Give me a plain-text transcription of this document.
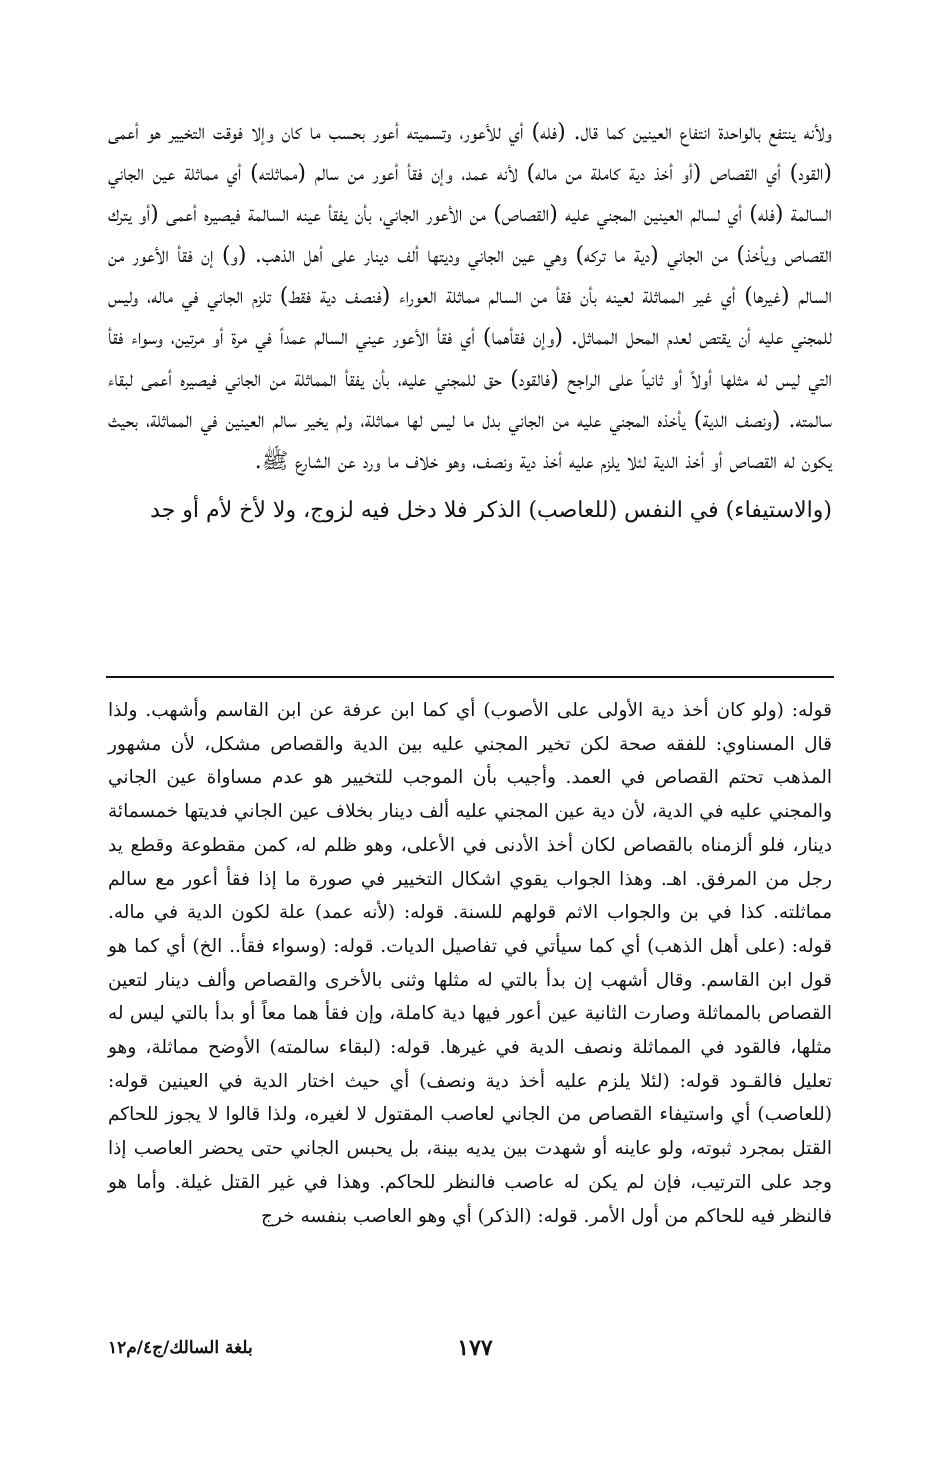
ولأنه ينتفع بالواحدة انتفاع العينين كما قال. (فله) أي للأعور، وتسميته أعور بحسب ما كان وإلا فوقت التخيير هو أعمى (القود) أي القصاص (أو أخذ دية كاملة من ماله) لأنه عمد، وإن فقأ أعور من سالم (مماثلته) أي مماثلة عين الجاني السالمة (فله) أي لسالم العينين المجني عليه (القصاص) من الأعور الجاني، بأن يفقأ عينه السالمة فيصيره أعمى (أو يترك القصاص ويأخذ) من الجاني (دية ما تركه) وهي عين الجاني وديتها ألف دينار على أهل الذهب. (و) إن فقأ الأعور من السالم (غيرها) أي غير المماثلة لعينه بأن فقأ من السالم مماثلة العوراء (فنصف دية فقط) تلزم الجاني في ماله، وليس للمجني عليه أن يقتص لعدم المحل المماثل. (وإن فقأهما) أي فقأ الأعور عيني السالم عمداً في مرة أو مرتين، وسواء فقأ التي ليس له مثلها أولاً أو ثانياً على الراجح (فالقود) حق للمجني عليه، بأن يفقأ المماثلة من الجاني فيصيره أعمى لبقاء سالمته. (ونصف الدية) يأخذه المجني عليه من الجاني بدل ما ليس لها مماثلة، ولم يخير سالم العينين في المماثلة، بحيث يكون له القصاص أو أخذ الدية لئلا يلزم عليه أخذ دية ونصف، وهو خلاف ما ورد عن الشارع ﷺ.

(والاستيفاء) في النفس (للعاصب) الذكر فلا دخل فيه لزوج، ولا لأخ لأم أو جد

قوله: (ولو كان أخذ دية الأولى على الأصوب) أي كما ابن عرفة عن ابن القاسم وأشهب. ولذا قال المسناوي: للفقه صحة لكن تخير المجني عليه بين الدية والقصاص مشكل، لأن مشهور المذهب تحتم القصاص في العمد. وأجيب بأن الموجب للتخيير هو عدم مساواة عين الجاني والمجني عليه في الدية، لأن دية عين المجني عليه ألف دينار بخلاف عين الجاني فديتها خمسمائة دينار، فلو ألزمناه بالقصاص لكان أخذ الأدنى في الأعلى، وهو ظلم له، كمن مقطوعة وقطع يد رجل من المرفق. اهـ. وهذا الجواب يقوي اشكال التخيير في صورة ما إذا فقأ أعور مع سالم مماثلته. كذا في بن والجواب الاثم قولهم للسنة. قوله: (لأنه عمد) علة لكون الدية في ماله. قوله: (على أهل الذهب) أي كما سيأتي في تفاصيل الديات. قوله: (وسواء فقأ.. الخ) أي كما هو قول ابن القاسم. وقال أشهب إن بدأ بالتي له مثلها وثنى بالأخرى والقصاص وألف دينار لتعين القصاص بالمماثلة وصارت الثانية عين أعور فيها دية كاملة، وإن فقأ هما معاً أو بدأ بالتي ليس له مثلها، فالقود في المماثلة ونصف الدية في غيرها. قوله: (لبقاء سالمته) الأوضح مماثلة، وهو تعليل فالقـود قوله: (لئلا يلزم عليه أخذ دية ونصف) أي حيث اختار الدية في العينين قوله: (للعاصب) أي واستيفاء القصاص من الجاني لعاصب المقتول لا لغيره، ولذا قالوا لا يجوز للحاكم القتل بمجرد ثبوته، ولو عاينه أو شهدت بين يديه بينة، بل يحبس الجاني حتى يحضر العاصب إذا وجد على الترتيب، فإن لم يكن له عاصب فالنظر للحاكم. وهذا في غير القتل غيلة. وأما هو فالنظر فيه للحاكم من أول الأمر. قوله: (الذكر) أي وهو العاصب بنفسه خرج

١٧٧
بلغة السالك/ج٤/م١٢
